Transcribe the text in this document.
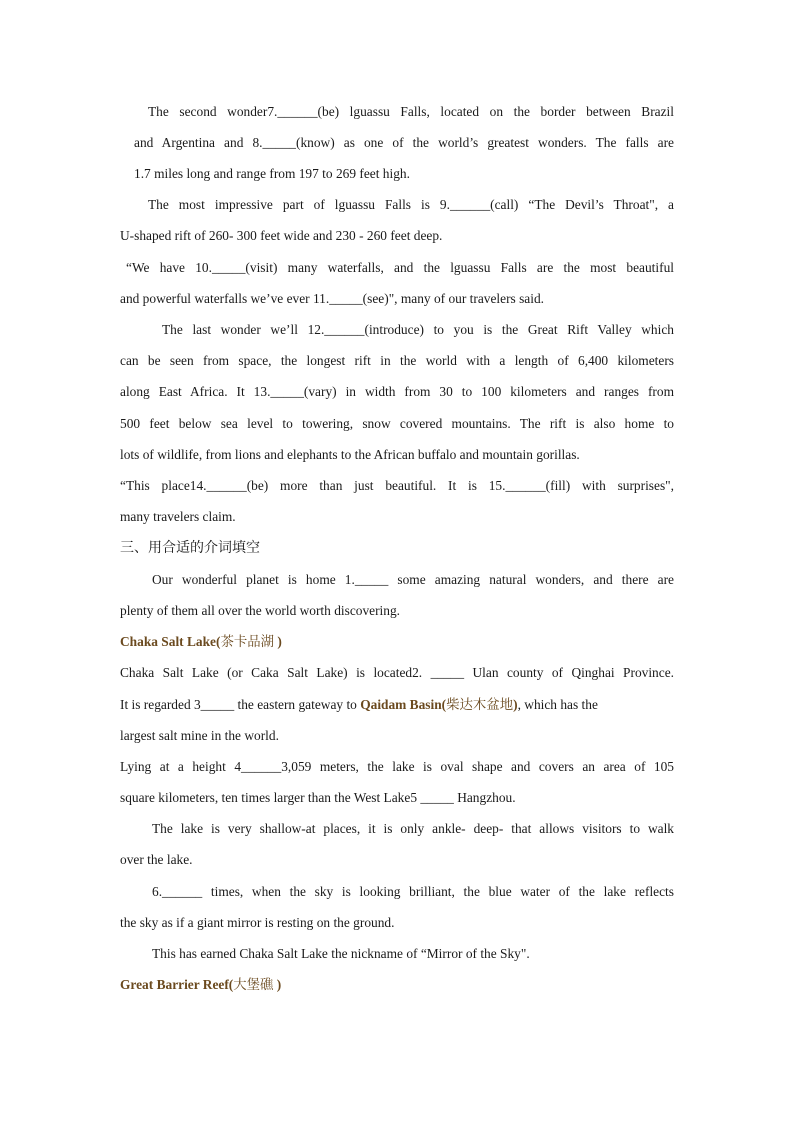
The second wonder7.______(be) lguassu Falls, located on the border between Brazil
and Argentina and 8._____(know) as one of the world’s greatest wonders. The falls are
1.7 miles long and range from 197 to 269 feet high.
The most impressive part of lguassu Falls is 9.______(call) “The Devil’s Throat", a
U-shaped rift of 260- 300 feet wide and 230 - 260 feet deep.
“We have 10._____(visit) many waterfalls, and the lguassu Falls are the most beautiful
and powerful waterfalls we’ve ever 11._____(see)", many of our travelers said.
The last wonder we’ll 12.______(introduce) to you is the Great Rift Valley which
can be seen from space, the longest rift in the world with a length of 6,400 kilometers
along East Africa. It 13._____(vary) in width from 30 to 100 kilometers and ranges from
500 feet below sea level to towering, snow covered mountains. The rift is also home to
lots of wildlife, from lions and elephants to the African buffalo and mountain gorillas.
“This place14.______(be) more than just beautiful. It is 15.______(fill) with surprises",
many travelers claim.
三、用合适的介词填空
Our wonderful planet is home 1._____ some amazing natural wonders, and there are
plenty of them all over the world worth discovering.
Chaka Salt Lake(茶卡品湖 )
Chaka Salt Lake (or Caka Salt Lake) is located2. _____ Ulan county of Qinghai Province.
It is regarded 3_____ the eastern gateway to Qaidam Basin(柴达木盆地), which has the
largest salt mine in the world.
Lying at a height 4______3,059 meters, the lake is oval shape and covers an area of 105
square kilometers, ten times larger than the West Lake5 _____ Hangzhou.
The lake is very shallow-at places, it is only ankle- deep- that allows visitors to walk
over the lake.
6.______ times, when the sky is looking brilliant, the blue water of the lake reflects
the sky as if a giant mirror is resting on the ground.
This has earned Chaka Salt Lake the nickname of “Mirror of the Sky".
Great Barrier Reef(大堡礁 )
